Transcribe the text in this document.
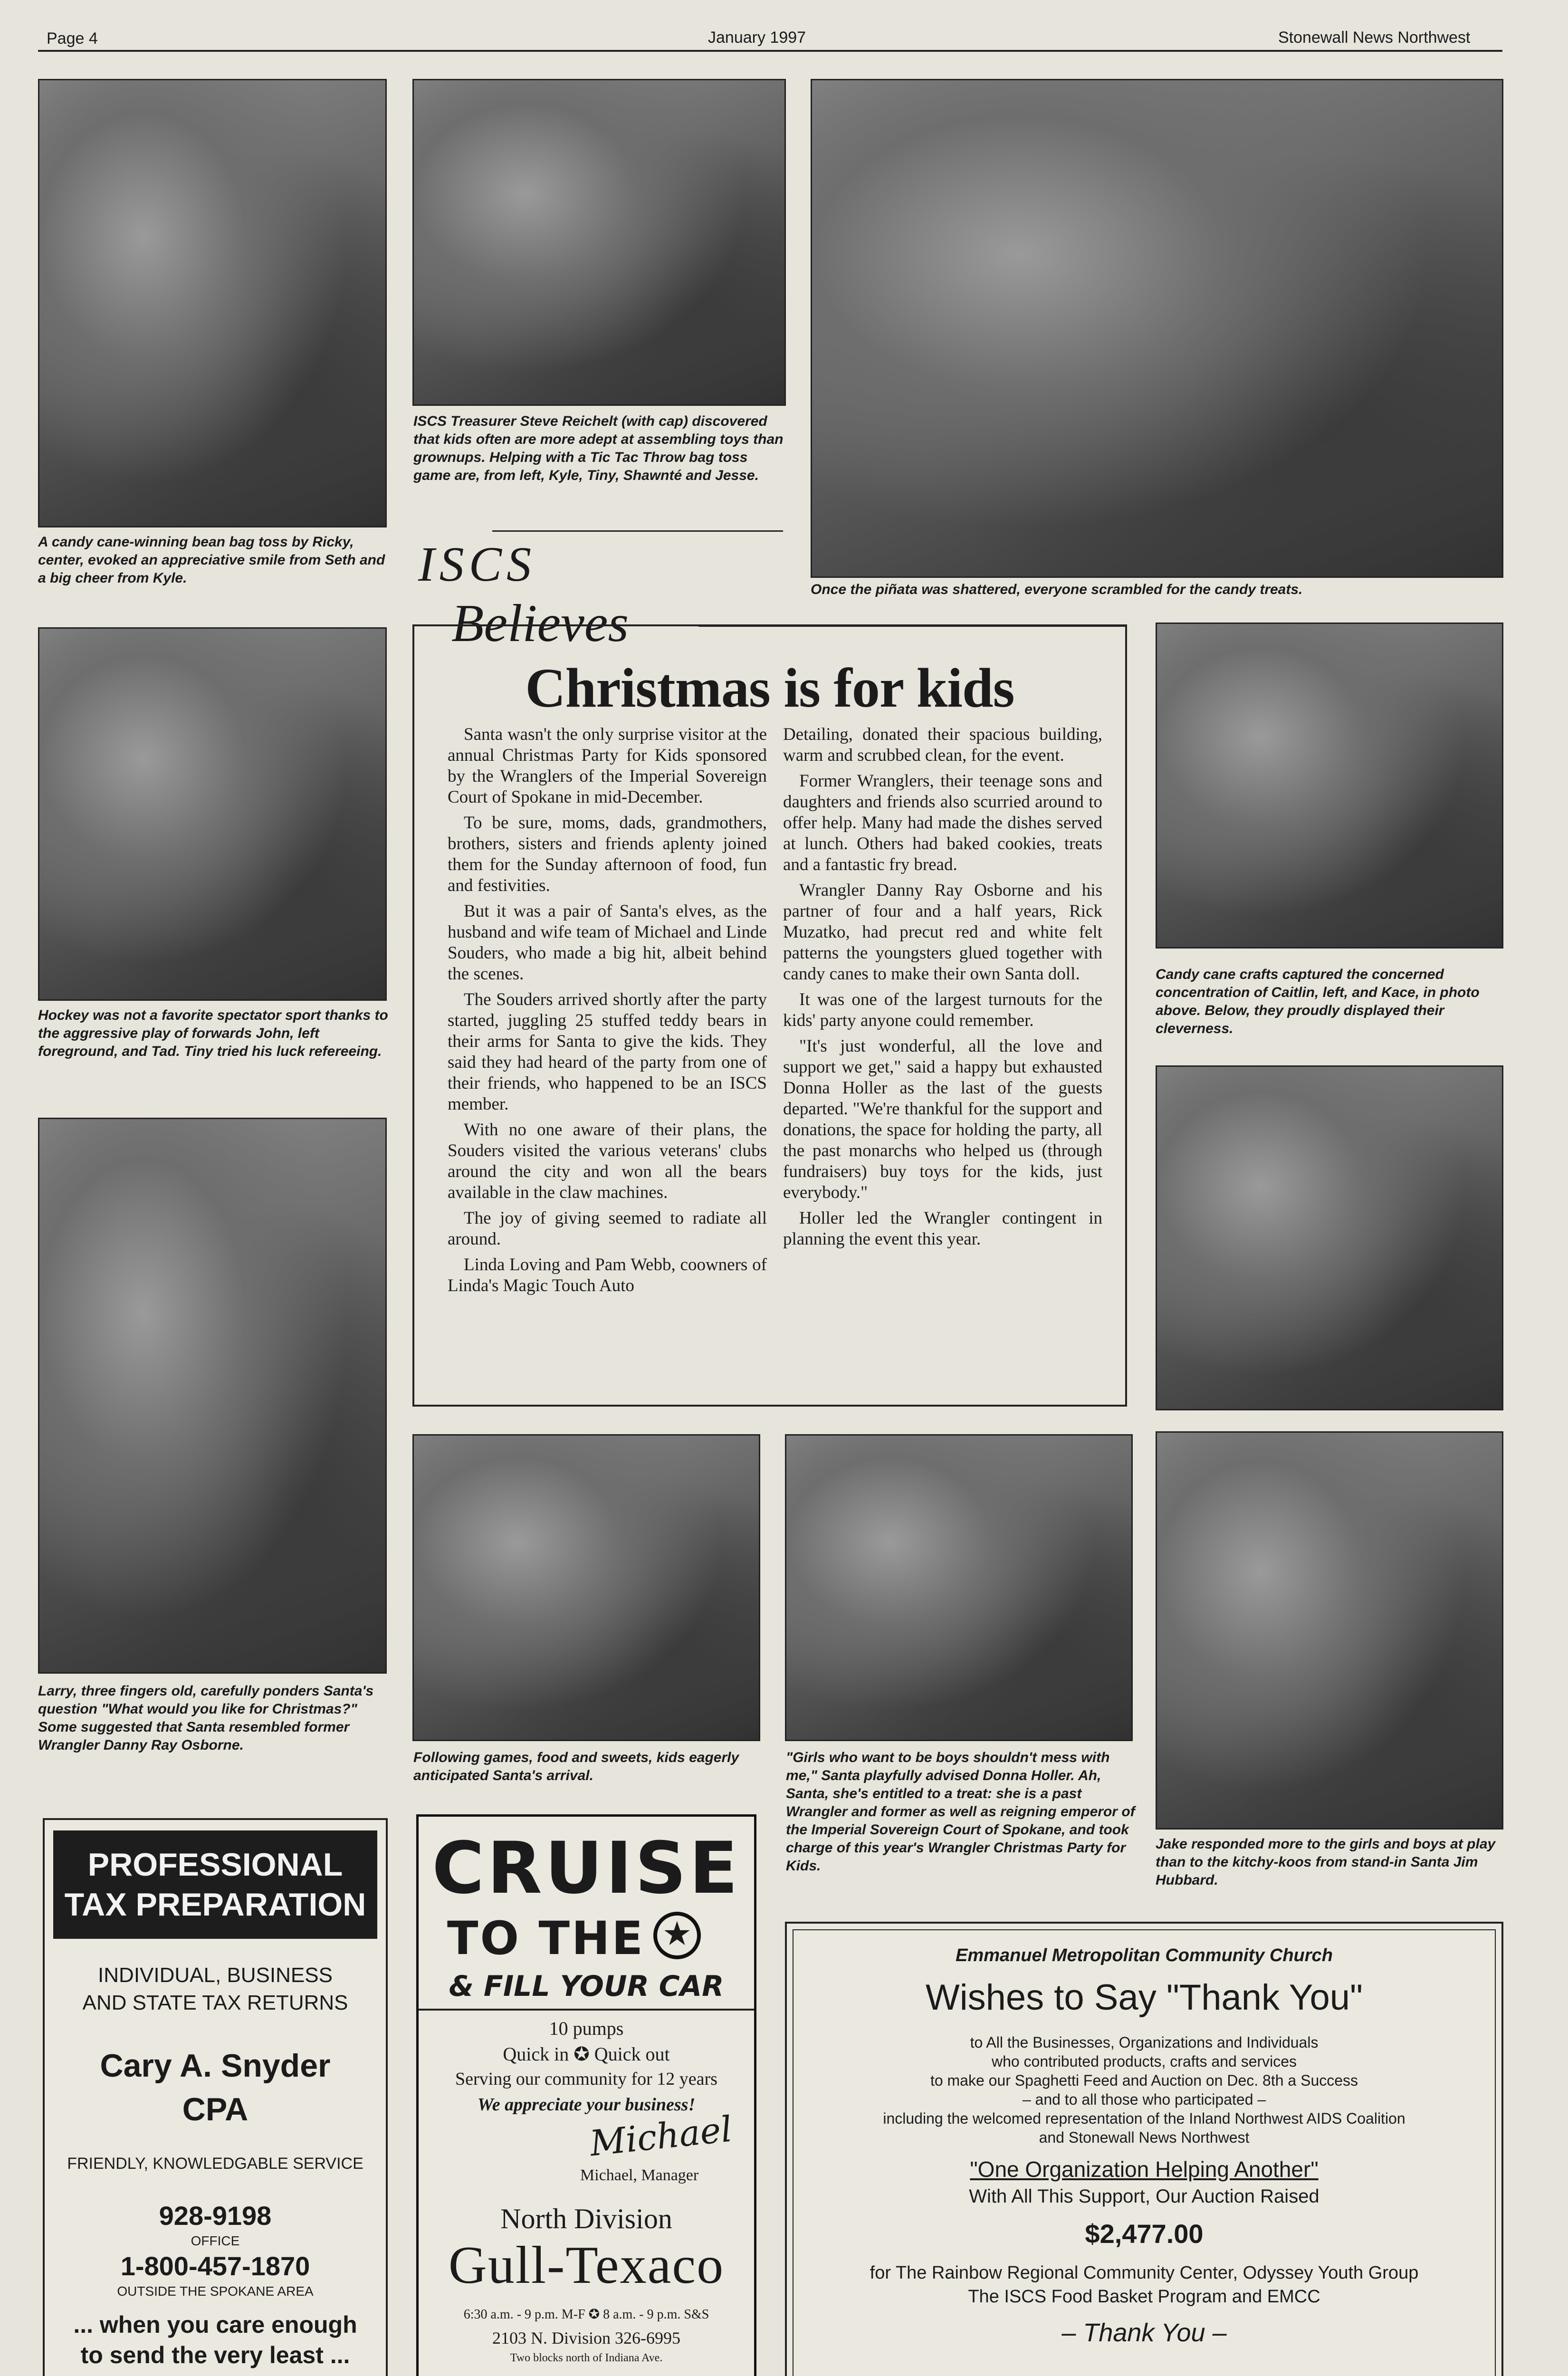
Page 4	January 1997	Stonewall News Northwest
A candy cane-winning bean bag toss by Ricky, center, evoked an appreciative smile from Seth and a big cheer from Kyle.
ISCS Treasurer Steve Reichelt (with cap) discovered that kids often are more adept at assembling toys than grownups. Helping with a Tic Tac Throw bag toss game are, from left, Kyle, Tiny, Shawnté and Jesse.
Once the piñata was shattered, everyone scrambled for the candy treats.
ISCS
Believes
Hockey was not a favorite spectator sport thanks to the aggressive play of forwards John, left foreground, and Tad. Tiny tried his luck refereeing.
Christmas is for kids

Santa wasn't the only surprise visitor at the annual Christmas Party for Kids sponsored by the Wranglers of the Imperial Sovereign Court of Spokane in mid-December.

To be sure, moms, dads, grandmothers, brothers, sisters and friends aplenty joined them for the Sunday afternoon of food, fun and festivities.

But it was a pair of Santa's elves, as the husband and wife team of Michael and Linde Souders, who made a big hit, albeit behind the scenes.

The Souders arrived shortly after the party started, juggling 25 stuffed teddy bears in their arms for Santa to give the kids. They said they had heard of the party from one of their friends, who happened to be an ISCS member.

With no one aware of their plans, the Souders visited the various veterans' clubs around the city and won all the bears available in the claw machines.

The joy of giving seemed to radiate all around.

Linda Loving and Pam Webb, coowners of Linda's Magic Touch Auto

Detailing, donated their spacious building, warm and scrubbed clean, for the event.

Former Wranglers, their teenage sons and daughters and friends also scurried around to offer help. Many had made the dishes served at lunch. Others had baked cookies, treats and a fantastic fry bread.

Wrangler Danny Ray Osborne and his partner of four and a half years, Rick Muzatko, had precut red and white felt patterns the youngsters glued together with candy canes to make their own Santa doll.

It was one of the largest turnouts for the kids' party anyone could remember.

"It's just wonderful, all the love and support we get," said a happy but exhausted Donna Holler as the last of the guests departed. "We're thankful for the support and donations, the space for holding the party, all the past monarchs who helped us (through fundraisers) buy toys for the kids, just everybody."

Holler led the Wrangler contingent in planning the event this year.

Candy cane crafts captured the concerned concentration of Caitlin, left, and Kace, in photo above. Below, they proudly displayed their cleverness.
Larry, three fingers old, carefully ponders Santa's question "What would you like for Christmas?" Some suggested that Santa resembled former Wrangler Danny Ray Osborne.
Following games, food and sweets, kids eagerly anticipated Santa's arrival.
"Girls who want to be boys shouldn't mess with me," Santa playfully advised Donna Holler. Ah, Santa, she's entitled to a treat: she is a past Wrangler and former as well as reigning emperor of the Imperial Sovereign Court of Spokane, and took charge of this year's Wrangler Christmas Party for Kids.
Jake responded more to the girls and boys at play than to the kitchy-koos from stand-in Santa Jim Hubbard.
PROFESSIONAL
TAX PREPARATION
INDIVIDUAL, BUSINESS
AND STATE TAX RETURNS
Cary A. Snyder
CPA
FRIENDLY, KNOWLEDGABLE SERVICE
928-9198
OFFICE
1-800-457-1870
OUTSIDE THE SPOKANE AREA
... when you care enough
to send the very least ...
CRUISE
TO THE ★
& FILL YOUR CAR
10 pumps
Quick in ✪ Quick out
Serving our community for 12 years
We appreciate your business!
Michael
Michael, Manager
North Division
Gull-Texaco
6:30 a.m. - 9 p.m. M-F ✪ 8 a.m. - 9 p.m. S&S
2103 N. Division 326-6995
Two blocks north of Indiana Ave.
Emmanuel Metropolitan Community Church
Wishes to Say "Thank You"
to All the Businesses, Organizations and Individuals
who contributed products, crafts and services
to make our Spaghetti Feed and Auction on Dec. 8th a Success
– and to all those who participated –
including the welcomed representation of the Inland Northwest AIDS Coalition
and Stonewall News Northwest
"One Organization Helping Another"
With All This Support, Our Auction Raised
$2,477.00
for The Rainbow Regional Community Center, Odyssey Youth Group
The ISCS Food Basket Program and EMCC
– Thank You –
